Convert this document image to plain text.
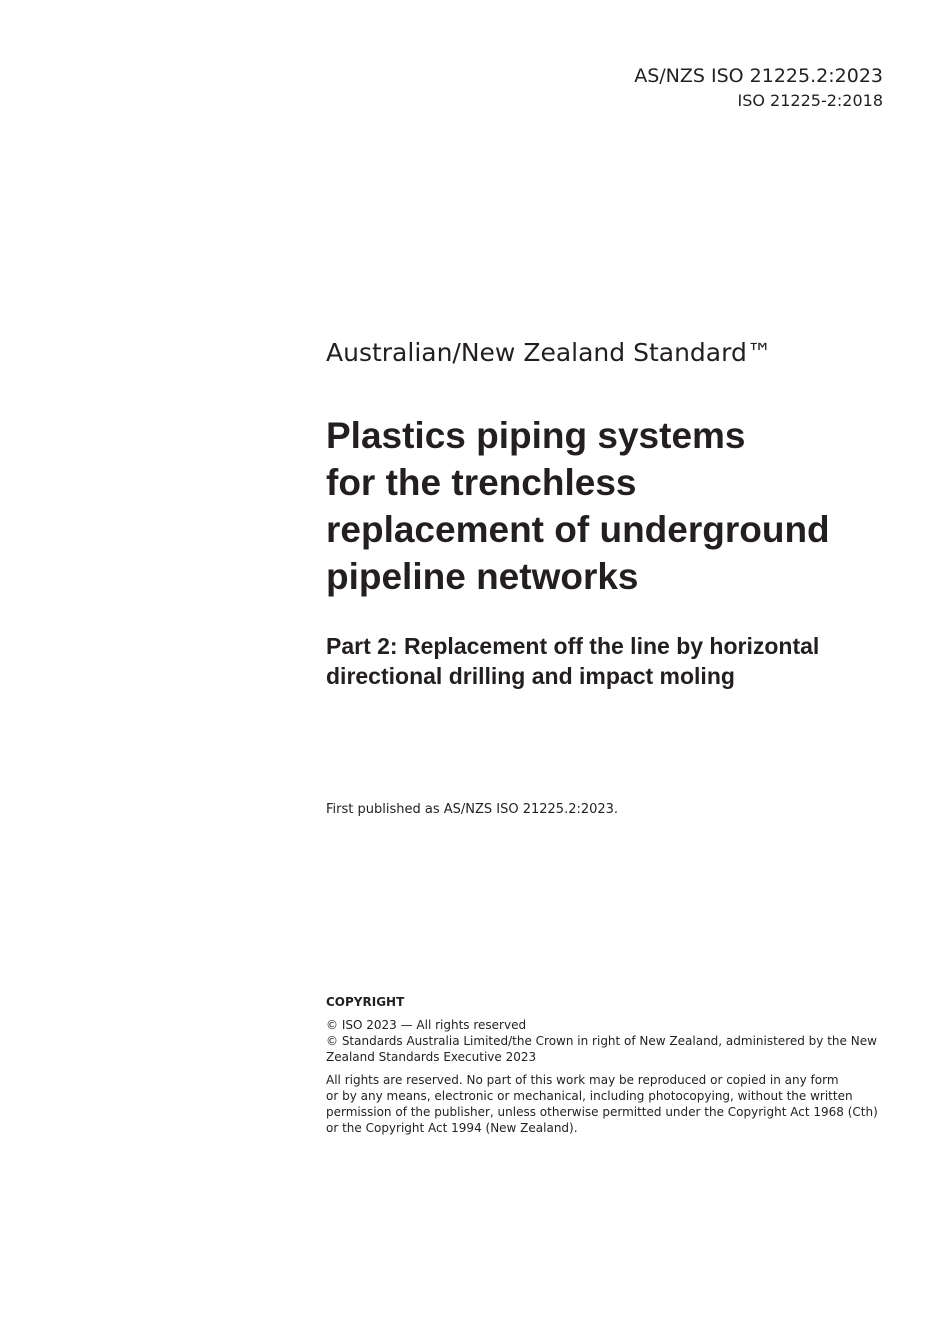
AS/NZS ISO 21225.2:2023
ISO 21225-2:2018
Australian/New Zealand Standard™
Plastics piping systems
for the trenchless
replacement of underground
pipeline networks
Part 2: Replacement off the line by horizontal
directional drilling and impact moling
First published as AS/NZS ISO 21225.2:2023.

COPYRIGHT

© ISO 2023 — All rights reserved

© Standards Australia Limited/the Crown in right of New Zealand, administered by the New
Zealand Standards Executive 2023

All rights are reserved. No part of this work may be reproduced or copied in any form
or by any means, electronic or mechanical, including photocopying, without the written
permission of the publisher, unless otherwise permitted under the Copyright Act 1968 (Cth)
or the Copyright Act 1994 (New Zealand).
